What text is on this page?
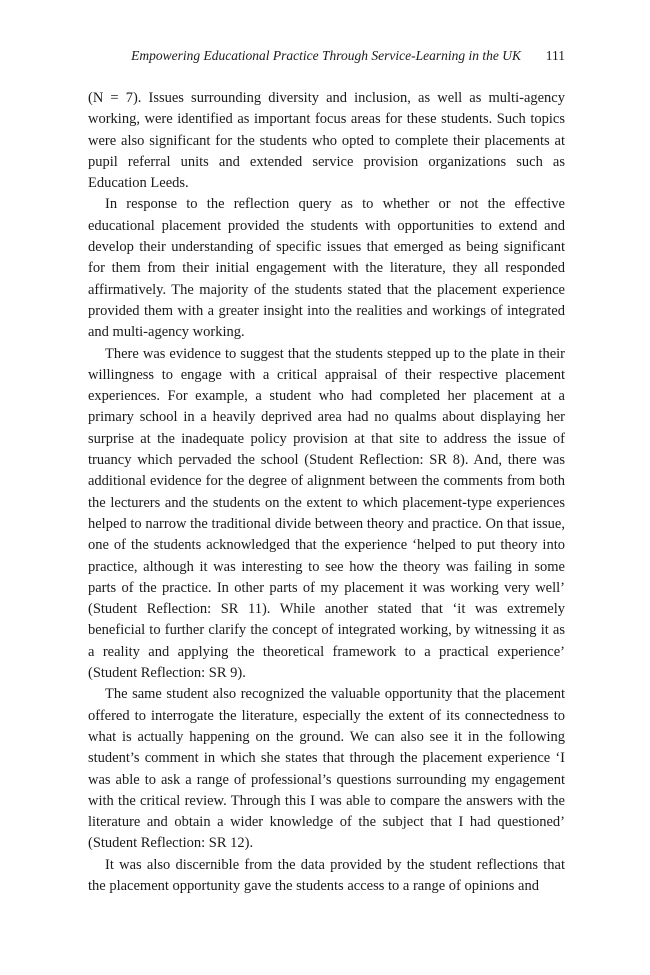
Empowering Educational Practice Through Service-Learning in the UK 111

(N = 7). Issues surrounding diversity and inclusion, as well as multi-agency working, were identified as important focus areas for these students. Such topics were also significant for the students who opted to complete their placements at pupil referral units and extended service provision organizations such as Education Leeds.

In response to the reflection query as to whether or not the effective educational placement provided the students with opportunities to extend and develop their understanding of specific issues that emerged as being significant for them from their initial engagement with the literature, they all responded affirmatively. The majority of the students stated that the placement experience provided them with a greater insight into the realities and workings of integrated and multi-agency working.

There was evidence to suggest that the students stepped up to the plate in their willingness to engage with a critical appraisal of their respective placement experiences. For example, a student who had completed her placement at a primary school in a heavily deprived area had no qualms about displaying her surprise at the inadequate policy provision at that site to address the issue of truancy which pervaded the school (Student Reflection: SR 8). And, there was additional evidence for the degree of alignment between the comments from both the lecturers and the students on the extent to which placement-type experiences helped to narrow the traditional divide between theory and practice. On that issue, one of the students acknowledged that the experience ‘helped to put theory into practice, although it was interesting to see how the theory was failing in some parts of the practice. In other parts of my placement it was working very well’ (Student Reflection: SR 11). While another stated that ‘it was extremely beneficial to further clarify the concept of integrated working, by witnessing it as a reality and applying the theoretical framework to a practical experience’ (Student Reflection: SR 9).

The same student also recognized the valuable opportunity that the placement offered to interrogate the literature, especially the extent of its connectedness to what is actually happening on the ground. We can also see it in the following student’s comment in which she states that through the placement experience ‘I was able to ask a range of professional’s questions surrounding my engagement with the critical review. Through this I was able to compare the answers with the literature and obtain a wider knowledge of the subject that I had questioned’ (Student Reflection: SR 12).

It was also discernible from the data provided by the student reflections that the placement opportunity gave the students access to a range of opinions and
